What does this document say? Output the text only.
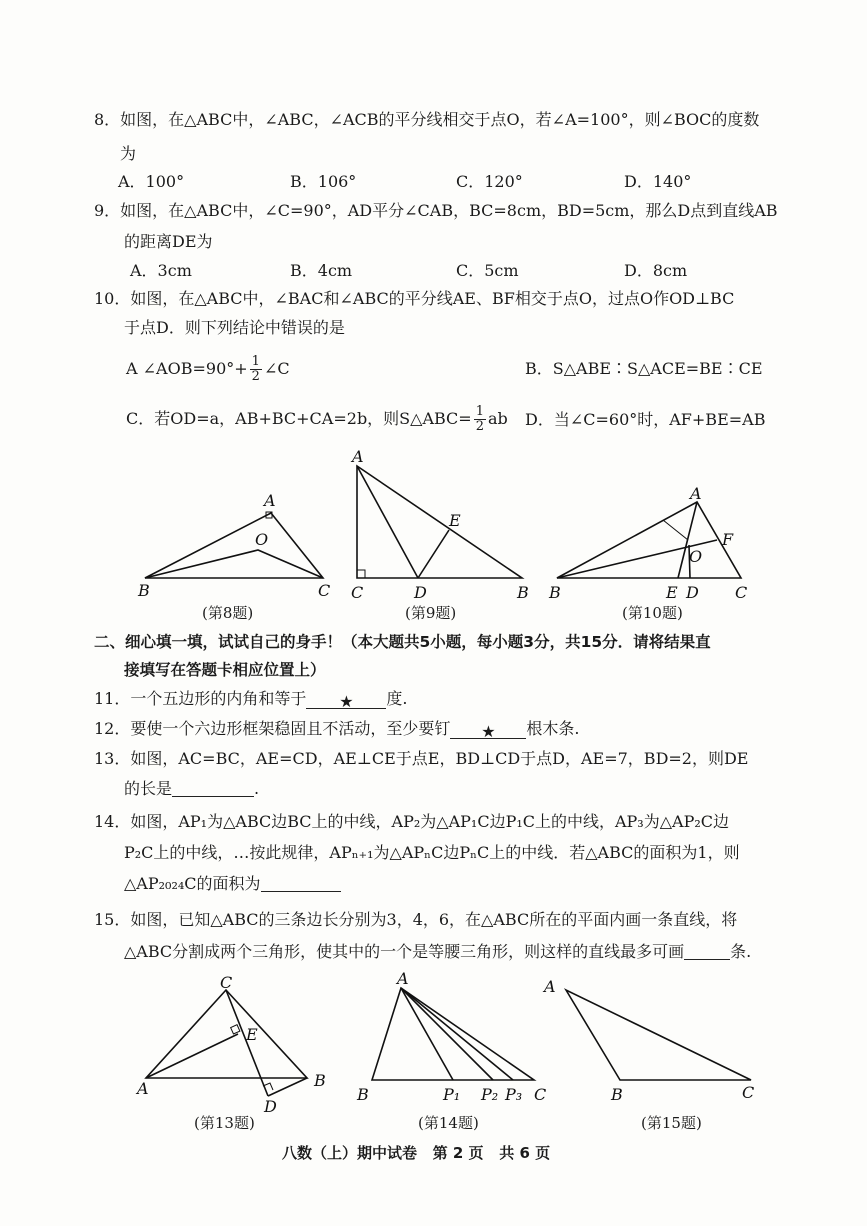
8．如图，在△ABC中，∠ABC，∠ACB的平分线相交于点O，若∠A=100°，则∠BOC的度数
为
A．100°	B．106°	C．120°	D．140°
9．如图，在△ABC中，∠C=90°，AD平分∠CAB，BC=8cm，BD=5cm，那么D点到直线AB
的距离DE为
A．3cm	B．4cm	C．5cm	D．8cm
10．如图，在△ABC中，∠BAC和∠ABC的平分线AE、BF相交于点O，过点O作OD⊥BC
于点D．则下列结论中错误的是
A ∠AOB=90°+ $\frac{1}{2}$ ∠C	B．S△ABE∶S△ACE=BE∶CE
C．若OD=a，AB+BC+CA=2b，则S△ABC= $\frac{1}{2}$ ab D．当∠C=60°时，AF+BE=AB
A
O
B	C
A
E
C	D	B
A
F
O
B	E D C
(第8题)	(第9题)	(第10题)
二、细心填一填，试试自己的身手！（本大题共5小题，每小题3分，共15分．请将结果直
接填写在答题卡相应位置上）
11．一个五边形的内角和等于 ★ 度.
12．要使一个六边形框架稳固且不活动，至少要钉 ★ 根木条.
13．如图，AC=BC，AE=CD，AE⊥CE于点E，BD⊥CD于点D，AE=7，BD=2，则DE
的长是	.
14．如图，AP₁为△ABC边BC上的中线，AP₂为△AP₁C边P₁C上的中线，AP₃为△AP₂C边
P₂C上的中线，…按此规律，APₙ₊₁为△APₙC边PₙC上的中线．若△ABC的面积为1，则
△AP₂₀₂₄C的面积为
15．如图，已知△ABC的三条边长分别为3，4，6，在△ABC所在的平面内画一条直线，将
△ABC分割成两个三角形，使其中的一个是等腰三角形，则这样的直线最多可画	条.
C
E
A	B
D
A
B	P₁ P₂ P₃ C
A
B	C
(第13题)	(第14题)	(第15题)
八数（上）期中试卷   第 2 页   共 6 页
